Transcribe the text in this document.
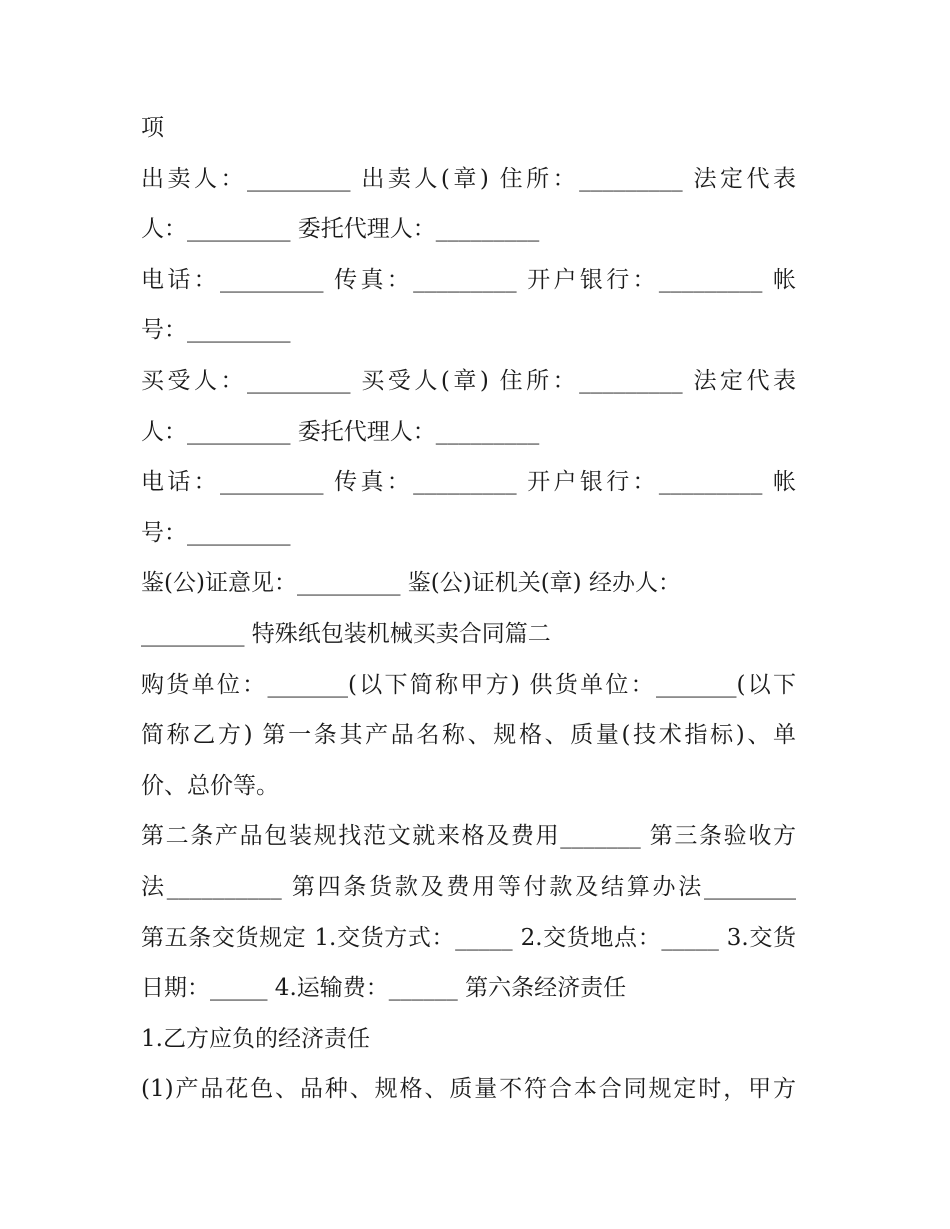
项
出卖人：_________ 出卖人(章) 住所：_________ 法定代表
人：_________ 委托代理人：_________
电话：_________ 传真：_________ 开户银行：_________ 帐
号：_________
买受人：_________ 买受人(章) 住所：_________ 法定代表
人：_________ 委托代理人：_________
电话：_________ 传真：_________ 开户银行：_________ 帐
号：_________
鉴(公)证意见：_________ 鉴(公)证机关(章) 经办人：
_________ 特殊纸包装机械买卖合同篇二
购货单位：_______(以下简称甲方) 供货单位：_______(以下
简称乙方) 第一条其产品名称、规格、质量(技术指标)、单
价、总价等。
第二条产品包装规找范文就来格及费用_______ 第三条验收方
法__________ 第四条货款及费用等付款及结算办法________
第五条交货规定 1.交货方式：_____ 2.交货地点：_____ 3.交货
日期：_____ 4.运输费：______ 第六条经济责任
1.乙方应负的经济责任
(1)产品花色、品种、规格、质量不符合本合同规定时，甲方
